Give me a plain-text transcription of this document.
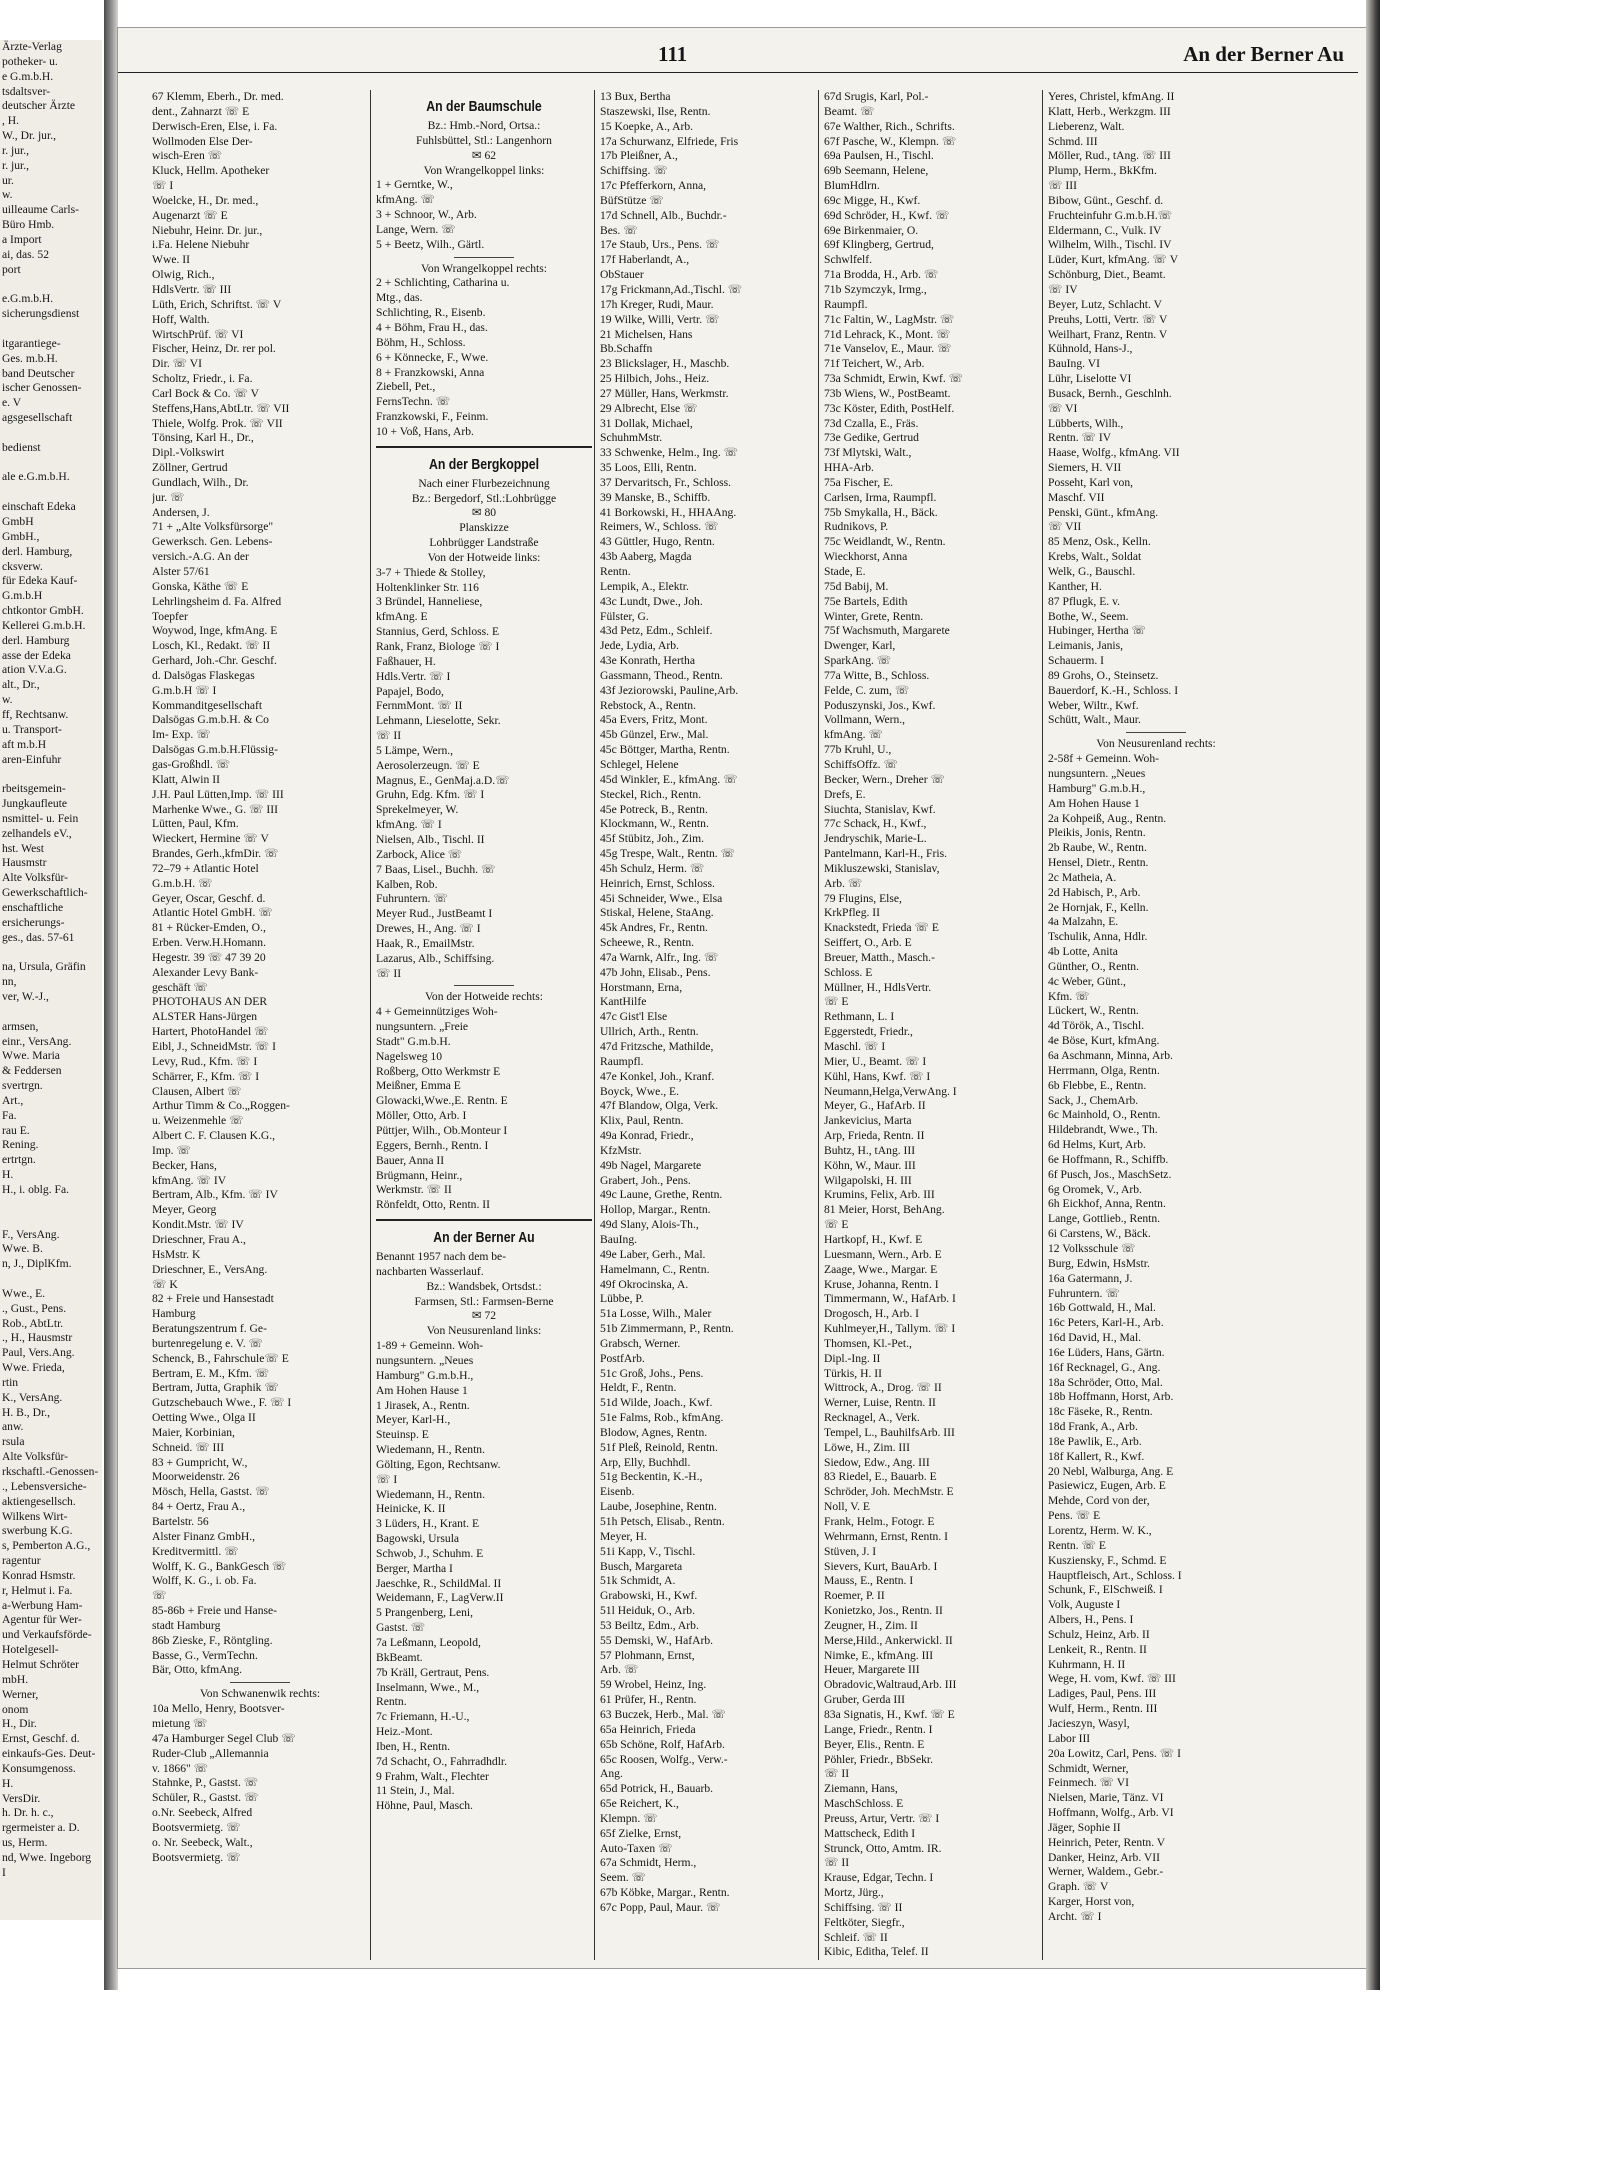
Ärzte-Verlag
potheker- u.
e G.m.b.H.
tsdaltsver-
deutscher Ärzte
, H.
W., Dr. jur.,
r. jur.,
r. jur.,
ur.
w.
uilleaume Carls-
Büro Hmb.
a Import
ai, das. 52
port

e.G.m.b.H.
sicherungsdienst

itgarantiege-
Ges. m.b.H.
band Deutscher
ischer Genossen-
e. V
agsgesellschaft

bedienst

ale e.G.m.b.H.

einschaft Edeka
GmbH
GmbH.,
derl. Hamburg,
cksverw.
für Edeka Kauf-
G.m.b.H
chtkontor GmbH.
Kellerei G.m.b.H.
derl. Hamburg
asse der Edeka
ation V.V.a.G.
alt., Dr.,
w.
ff, Rechtsanw.
u. Transport-
aft m.b.H
aren-Einfuhr

rbeitsgemein-
Jungkaufleute
nsmittel- u. Fein
zelhandels eV.,
hst. West
Hausmstr
Alte Volksfür-
Gewerkschaftlich-
enschaftliche
ersicherungs-
ges., das. 57-61

na, Ursula, Gräfin
nn,
ver, W.-J.,

armsen,
einr., VersAng.
Wwe. Maria
& Feddersen
svertrgn.
Art.,
Fa.
rau E.
Rening.
ertrtgn.
H.
H., i. oblg. Fa.

F., VersAng.
Wwe. B.
n, J., DiplKfm.

Wwe., E.
., Gust., Pens.
Rob., AbtLtr.
., H., Hausmstr
Paul, Vers.Ang.
Wwe. Frieda,
rtin
K., VersAng.
H. B., Dr.,
anw.
rsula
Alte Volksfür-
rkschaftl.-Genossen-
., Lebensversiche-
aktiengesellsch.
Wilkens Wirt-
swerbung K.G.
s, Pemberton A.G.,
ragentur
Konrad Hsmstr.
r, Helmut i. Fa.
a-Werbung Ham-
Agentur für Wer-
und Verkaufsförde-
Hotelgesell-
Helmut Schröter
mbH.
Werner,
onom
H., Dir.
Ernst, Geschf. d.
einkaufs-Ges. Deut-
Konsumgenoss.
H.
VersDir.
h. Dr. h. c.,
rgermeister a. D.
us, Herm.
nd, Wwe. Ingeborg
I
111	An der Berner Au

67 Klemm, Eberh., Dr. med.

dent., Zahnarzt ☏ E

Derwisch-Eren, Else, i. Fa.

Wollmoden Else Der-

wisch-Eren ☏

Kluck, Hellm. Apotheker

☏ I

Woelcke, H., Dr. med.,

Augenarzt ☏ E

Niebuhr, Heinr. Dr. jur.,

i.Fa. Helene Niebuhr

Wwe. II

Olwig, Rich.,

HdlsVertr. ☏ III

Lüth, Erich, Schriftst. ☏ V

Hoff, Walth.

WirtschPrüf. ☏ VI

Fischer, Heinz, Dr. rer pol.

Dir. ☏ VI

Scholtz, Friedr., i. Fa.

Carl Bock & Co. ☏ V

Steffens,Hans,AbtLtr. ☏ VII

Thiele, Wolfg. Prok. ☏ VII

Tönsing, Karl H., Dr.,

Dipl.-Volkswirt

Zöllner, Gertrud

Gundlach, Wilh., Dr.

jur. ☏

Andersen, J.

71 + „Alte Volksfürsorge"

Gewerksch. Gen. Lebens-

versich.-A.G. An der

Alster 57/61

Gonska, Käthe ☏ E

Lehrlingsheim d. Fa. Alfred

Toepfer

Woywod, Inge, kfmAng. E

Losch, Kl., Redakt. ☏ II

Gerhard, Joh.-Chr. Geschf.

d. Dalsögas Flaskegas

G.m.b.H ☏ I

Kommanditgesellschaft

Dalsögas G.m.b.H. & Co

Im- Exp. ☏

Dalsögas G.m.b.H.Flüssig-

gas-Großhdl. ☏

Klatt, Alwin II

J.H. Paul Lütten,Imp. ☏ III

Marhenke Wwe., G. ☏ III

Lütten, Paul, Kfm.

Wieckert, Hermine ☏ V

Brandes, Gerh.,kfmDir. ☏

72–79 + Atlantic Hotel

G.m.b.H. ☏

Geyer, Oscar, Geschf. d.

Atlantic Hotel GmbH. ☏

81 + Rücker-Emden, O.,

Erben. Verw.H.Homann.

Hegestr. 39 ☏ 47 39 20

Alexander Levy Bank-

geschäft ☏

PHOTOHAUS AN DER

ALSTER Hans-Jürgen

Hartert, PhotoHandel ☏

Eibl, J., SchneidMstr. ☏ I

Levy, Rud., Kfm. ☏ I

Schärrer, F., Kfm. ☏ I

Clausen, Albert ☏

Arthur Timm & Co.„Roggen-

u. Weizenmehle ☏

Albert C. F. Clausen K.G.,

Imp. ☏

Becker, Hans,

kfmAng. ☏ IV

Bertram, Alb., Kfm. ☏ IV

Meyer, Georg

Kondit.Mstr. ☏ IV

Drieschner, Frau A.,

HsMstr. K

Drieschner, E., VersAng.

☏ K

82 + Freie und Hansestadt

Hamburg

Beratungszentrum f. Ge-

burtenregelung e. V. ☏

Schenck, B., Fahrschule☏ E

Bertram, E. M., Kfm. ☏

Bertram, Jutta, Graphik ☏

Gutzschebauch Wwe., F. ☏ I

Oetting Wwe., Olga II

Maier, Korbinian,

Schneid. ☏ III

83 + Gumpricht, W.,

Moorweidenstr. 26

Mösch, Hella, Gastst. ☏

84 + Oertz, Frau A.,

Bartelstr. 56

Alster Finanz GmbH.,

Kreditvermittl. ☏

Wolff, K. G., BankGesch ☏

Wolff, K. G., i. ob. Fa.

☏

85-86b + Freie und Hanse-

stadt Hamburg

86b Zieske, F., Röntgling.

Basse, G., VermTechn.

Bär, Otto, kfmAng.

Von Schwanenwik rechts:

10a Mello, Henry, Bootsver-

mietung ☏

47a Hamburger Segel Club ☏

Ruder-Club „Allemannia

v. 1866" ☏

Stahnke, P., Gastst. ☏

Schüler, R., Gastst. ☏

o.Nr. Seebeck, Alfred

Bootsvermietg. ☏

o. Nr. Seebeck, Walt.,

Bootsvermietg. ☏

An der Baumschule

Bz.: Hmb.-Nord, Ortsa.:

Fuhlsbüttel, Stl.: Langenhorn

✉ 62

Von Wrangelkoppel links:

1 + Gerntke, W.,

kfmAng. ☏

3 + Schnoor, W., Arb.

Lange, Wern. ☏

5 + Beetz, Wilh., Gärtl.

Von Wrangelkoppel rechts:

2 + Schlichting, Catharina u.

Mtg., das.

Schlichting, R., Eisenb.

4 + Böhm, Frau H., das.

Böhm, H., Schloss.

6 + Könnecke, F., Wwe.

8 + Franzkowski, Anna

Ziebell, Pet.,

FernsTechn. ☏

Franzkowski, F., Feinm.

10 + Voß, Hans, Arb.

An der Bergkoppel

Nach einer Flurbezeichnung

Bz.: Bergedorf, Stl.:Lohbrügge

✉ 80

Planskizze

Lohbrügger Landstraße

Von der Hotweide links:

3-7 + Thiede & Stolley,

Holtenklinker Str. 116

3 Bründel, Hanneliese,

kfmAng. E

Stannius, Gerd, Schloss. E

Rank, Franz, Biologe ☏ I

Faßhauer, H.

Hdls.Vertr. ☏ I

Papajel, Bodo,

FernmMont. ☏ II

Lehmann, Lieselotte, Sekr.

☏ II

5 Lämpe, Wern.,

Aerosolerzeugn. ☏ E

Magnus, E., GenMaj.a.D.☏

Gruhn, Edg. Kfm. ☏ I

Sprekelmeyer, W.

kfmAng. ☏ I

Nielsen, Alb., Tischl. II

Zarbock, Alice ☏

7 Baas, Lisel., Buchh. ☏

Kalben, Rob.

Fuhruntern. ☏

Meyer Rud., JustBeamt I

Drewes, H., Ang. ☏ I

Haak, R., EmailMstr.

Lazarus, Alb., Schiffsing.

☏ II

Von der Hotweide rechts:

4 + Gemeinnütziges Woh-

nungsuntern. „Freie

Stadt" G.m.b.H.

Nagelsweg 10

Roßberg, Otto Werkmstr E

Meißner, Emma E

Glowacki,Wwe.,E. Rentn. E

Möller, Otto, Arb. I

Püttjer, Wilh., Ob.Monteur I

Eggers, Bernh., Rentn. I

Bauer, Anna II

Brügmann, Heinr.,

Werkmstr. ☏ II

Rönfeldt, Otto, Rentn. II

An der Berner Au

Benannt 1957 nach dem be-

nachbarten Wasserlauf.

Bz.: Wandsbek, Ortsdst.:

Farmsen, Stl.: Farmsen-Berne

✉ 72

Von Neusurenland links:

1-89 + Gemeinn. Woh-

nungsuntern. „Neues

Hamburg" G.m.b.H.,

Am Hohen Hause 1

1 Jirasek, A., Rentn.

Meyer, Karl-H.,

Steuinsp. E

Wiedemann, H., Rentn.

Gölting, Egon, Rechtsanw.

☏ I

Wiedemann, H., Rentn.

Heinicke, K. II

3 Lüders, H., Krant. E

Bagowski, Ursula

Schwob, J., Schuhm. E

Berger, Martha I

Jaeschke, R., SchildMal. II

Weidemann, F., LagVerw.II

5 Prangenberg, Leni,

Gastst. ☏

7a Leßmann, Leopold,

BkBeamt.

7b Kräll, Gertraut, Pens.

Inselmann, Wwe., M.,

Rentn.

7c Friemann, H.-U.,

Heiz.-Mont.

Iben, H., Rentn.

7d Schacht, O., Fahrradhdlr.

9 Frahm, Walt., Flechter

11 Stein, J., Mal.

Höhne, Paul, Masch.

13 Bux, Bertha

Staszewski, Ilse, Rentn.

15 Koepke, A., Arb.

17a Schurwanz, Elfriede, Fris

17b Pleißner, A.,

Schiffsing. ☏

17c Pfefferkorn, Anna,

BüfStütze ☏

17d Schnell, Alb., Buchdr.-

Bes. ☏

17e Staub, Urs., Pens. ☏

17f Haberlandt, A.,

ObStauer

17g Frickmann,Ad.,Tischl. ☏

17h Kreger, Rudi, Maur.

19 Wilke, Willi, Vertr. ☏

21 Michelsen, Hans

Bb.Schaffn

23 Blickslager, H., Maschb.

25 Hilbich, Johs., Heiz.

27 Müller, Hans, Werkmstr.

29 Albrecht, Else ☏

31 Dollak, Michael,

SchuhmMstr.

33 Schwenke, Helm., Ing. ☏

35 Loos, Elli, Rentn.

37 Dervaritsch, Fr., Schloss.

39 Manske, B., Schiffb.

41 Borkowski, H., HHAAng.

Reimers, W., Schloss. ☏

43 Güttler, Hugo, Rentn.

43b Aaberg, Magda

Rentn.

Lempik, A., Elektr.

43c Lundt, Dwe., Joh.

Fülster, G.

43d Petz, Edm., Schleif.

Jede, Lydia, Arb.

43e Konrath, Hertha

Gassmann, Theod., Rentn.

43f Jeziorowski, Pauline,Arb.

Rebstock, A., Rentn.

45a Evers, Fritz, Mont.

45b Günzel, Erw., Mal.

45c Böttger, Martha, Rentn.

Schlegel, Helene

45d Winkler, E., kfmAng. ☏

Steckel, Rich., Rentn.

45e Potreck, B., Rentn.

Klockmann, W., Rentn.

45f Stübitz, Joh., Zim.

45g Trespe, Walt., Rentn. ☏

45h Schulz, Herm. ☏

Heinrich, Ernst, Schloss.

45i Schneider, Wwe., Elsa

Stiskal, Helene, StaAng.

45k Andres, Fr., Rentn.

Scheewe, R., Rentn.

47a Warnk, Alfr., Ing. ☏

47b John, Elisab., Pens.

Horstmann, Erna,

KantHilfe

47c Gist'l Else

Ullrich, Arth., Rentn.

47d Fritzsche, Mathilde,

Raumpfl.

47e Konkel, Joh., Kranf.

Boyck, Wwe., E.

47f Blandow, Olga, Verk.

Klix, Paul, Rentn.

49a Konrad, Friedr.,

KfzMstr.

49b Nagel, Margarete

Grabert, Joh., Pens.

49c Laune, Grethe, Rentn.

Hollop, Margar., Rentn.

49d Slany, Alois-Th.,

BauIng.

49e Laber, Gerh., Mal.

Hamelmann, C., Rentn.

49f Okrocinska, A.

Lübbe, P.

51a Losse, Wilh., Maler

51b Zimmermann, P., Rentn.

Grabsch, Werner.

PostfArb.

51c Groß, Johs., Pens.

Heldt, F., Rentn.

51d Wilde, Joach., Kwf.

51e Falms, Rob., kfmAng.

Blodow, Agnes, Rentn.

51f Pleß, Reinold, Rentn.

Arp, Elly, Buchhdl.

51g Beckentin, K.-H.,

Eisenb.

Laube, Josephine, Rentn.

51h Petsch, Elisab., Rentn.

Meyer, H.

51i Kapp, V., Tischl.

Busch, Margareta

51k Schmidt, A.

Grabowski, H., Kwf.

51l Heiduk, O., Arb.

53 Beiltz, Edm., Arb.

55 Demski, W., HafArb.

57 Plohmann, Ernst,

Arb. ☏

59 Wrobel, Heinz, Ing.

61 Prüfer, H., Rentn.

63 Buczek, Herb., Mal. ☏

65a Heinrich, Frieda

65b Schöne, Rolf, HafArb.

65c Roosen, Wolfg., Verw.-

Ang.

65d Potrick, H., Bauarb.

65e Reichert, K.,

Klempn. ☏

65f Zielke, Ernst,

Auto-Taxen ☏

67a Schmidt, Herm.,

Seem. ☏

67b Köbke, Margar., Rentn.

67c Popp, Paul, Maur. ☏

67d Srugis, Karl, Pol.-

Beamt. ☏

67e Walther, Rich., Schrifts.

67f Pasche, W., Klempn. ☏

69a Paulsen, H., Tischl.

69b Seemann, Helene,

BlumHdlrn.

69c Migge, H., Kwf.

69d Schröder, H., Kwf. ☏

69e Birkenmaier, O.

69f Klingberg, Gertrud,

Schwlfelf.

71a Brodda, H., Arb. ☏

71b Szymczyk, Irmg.,

Raumpfl.

71c Faltin, W., LagMstr. ☏

71d Lehrack, K., Mont. ☏

71e Vanselov, E., Maur. ☏

71f Teichert, W., Arb.

73a Schmidt, Erwin, Kwf. ☏

73b Wiens, W., PostBeamt.

73c Köster, Edith, PostHelf.

73d Czalla, E., Fräs.

73e Gedike, Gertrud

73f Mlytski, Walt.,

HHA-Arb.

75a Fischer, E.

Carlsen, Irma, Raumpfl.

75b Smykalla, H., Bäck.

Rudnikovs, P.

75c Weidlandt, W., Rentn.

Wieckhorst, Anna

Stade, E.

75d Babij, M.

75e Bartels, Edith

Winter, Grete, Rentn.

75f Wachsmuth, Margarete

Dwenger, Karl,

SparkAng. ☏

77a Witte, B., Schloss.

Felde, C. zum, ☏

Poduszynski, Jos., Kwf.

Vollmann, Wern.,

kfmAng. ☏

77b Kruhl, U.,

SchiffsOffz. ☏

Becker, Wern., Dreher ☏

Drefs, E.

Siuchta, Stanislav, Kwf.

77c Schack, H., Kwf.,

Jendryschik, Marie-L.

Pantelmann, Karl-H., Fris.

Mikluszewski, Stanislav,

Arb. ☏

79 Flugins, Else,

KrkPfleg. II

Knackstedt, Frieda ☏ E

Seiffert, O., Arb. E

Breuer, Matth., Masch.-

Schloss. E

Müllner, H., HdlsVertr.

☏ E

Rethmann, L. I

Eggerstedt, Friedr.,

Maschl. ☏ I

Mier, U., Beamt. ☏ I

Kühl, Hans, Kwf. ☏ I

Neumann,Helga,VerwAng. I

Meyer, G., HafArb. II

Jankevicius, Marta

Arp, Frieda, Rentn. II

Buhtz, H., tAng. III

Köhn, W., Maur. III

Wilgapolski, H. III

Krumins, Felix, Arb. III

81 Meier, Horst, BehAng.

☏ E

Hartkopf, H., Kwf. E

Luesmann, Wern., Arb. E

Zaage, Wwe., Margar. E

Kruse, Johanna, Rentn. I

Timmermann, W., HafArb. I

Drogosch, H., Arb. I

Kuhlmeyer,H., Tallym. ☏ I

Thomsen, Kl.-Pet.,

Dipl.-Ing. II

Türkis, H. II

Wittrock, A., Drog. ☏ II

Werner, Luise, Rentn. II

Recknagel, A., Verk.

Tempel, L., BauhilfsArb. III

Löwe, H., Zim. III

Siedow, Edw., Ang. III

83 Riedel, E., Bauarb. E

Schröder, Joh. MechMstr. E

Noll, V. E

Frank, Helm., Fotogr. E

Wehrmann, Ernst, Rentn. I

Stüven, J. I

Sievers, Kurt, BauArb. I

Mauss, E., Rentn. I

Roemer, P. II

Konietzko, Jos., Rentn. II

Zeugner, H., Zim. II

Merse,Hild., Ankerwickl. II

Nimke, E., kfmAng. III

Heuer, Margarete III

Obradovic,Waltraud,Arb. III

Gruber, Gerda III

83a Signatis, H., Kwf. ☏ E

Lange, Friedr., Rentn. I

Beyer, Elis., Rentn. E

Pöhler, Friedr., BbSekr.

☏ II

Ziemann, Hans,

MaschSchloss. E

Preuss, Artur, Vertr. ☏ I

Mattscheck, Edith I

Strunck, Otto, Amtm. IR.

☏ II

Krause, Edgar, Techn. I

Mortz, Jürg.,

Schiffsing. ☏ II

Feltköter, Siegfr.,

Schleif. ☏ II

Kibic, Editha, Telef. II

Yeres, Christel, kfmAng. II

Klatt, Herb., Werkzgm. III

Lieberenz, Walt.

Schmd. III

Möller, Rud., tAng. ☏ III

Plump, Herm., BkKfm.

☏ III

Bibow, Günt., Geschf. d.

Fruchteinfuhr G.m.b.H.☏

Eldermann, C., Vulk. IV

Wilhelm, Wilh., Tischl. IV

Lüder, Kurt, kfmAng. ☏ V

Schönburg, Diet., Beamt.

☏ IV

Beyer, Lutz, Schlacht. V

Preuhs, Lotti, Vertr. ☏ V

Weilhart, Franz, Rentn. V

Kühnold, Hans-J.,

BauIng. VI

Lühr, Liselotte VI

Busack, Bernh., Geschlnh.

☏ VI

Lübberts, Wilh.,

Rentn. ☏ IV

Haase, Wolfg., kfmAng. VII

Siemers, H. VII

Posseht, Karl von,

Maschf. VII

Penski, Günt., kfmAng.

☏ VII

85 Menz, Osk., Kelln.

Krebs, Walt., Soldat

Welk, G., Bauschl.

Kanther, H.

87 Pflugk, E. v.

Bothe, W., Seem.

Hubinger, Hertha ☏

Leimanis, Janis,

Schauerm. I

89 Grohs, O., Steinsetz.

Bauerdorf, K.-H., Schloss. I

Weber, Wiltr., Kwf.

Schütt, Walt., Maur.

Von Neusurenland rechts:

2-58f + Gemeinn. Woh-

nungsuntern. „Neues

Hamburg" G.m.b.H.,

Am Hohen Hause 1

2a Kohpeiß, Aug., Rentn.

Pleikis, Jonis, Rentn.

2b Raube, W., Rentn.

Hensel, Dietr., Rentn.

2c Matheia, A.

2d Habisch, P., Arb.

2e Hornjak, F., Kelln.

4a Malzahn, E.

Tschulik, Anna, Hdlr.

4b Lotte, Anita

Günther, O., Rentn.

4c Weber, Günt.,

Kfm. ☏

Lückert, W., Rentn.

4d Török, A., Tischl.

4e Böse, Kurt, kfmAng.

6a Aschmann, Minna, Arb.

Herrmann, Olga, Rentn.

6b Flebbe, E., Rentn.

Sack, J., ChemArb.

6c Mainhold, O., Rentn.

Hildebrandt, Wwe., Th.

6d Helms, Kurt, Arb.

6e Hoffmann, R., Schiffb.

6f Pusch, Jos., MaschSetz.

6g Oromek, V., Arb.

6h Eickhof, Anna, Rentn.

Lange, Gottlieb., Rentn.

6i Carstens, W., Bäck.

12 Volksschule ☏

Burg, Edwin, HsMstr.

16a Gatermann, J.

Fuhruntern. ☏

16b Gottwald, H., Mal.

16c Peters, Karl-H., Arb.

16d David, H., Mal.

16e Lüders, Hans, Gärtn.

16f Recknagel, G., Ang.

18a Schröder, Otto, Mal.

18b Hoffmann, Horst, Arb.

18c Fäseke, R., Rentn.

18d Frank, A., Arb.

18e Pawlik, E., Arb.

18f Kallert, R., Kwf.

20 Nebl, Walburga, Ang. E

Pasiewicz, Eugen, Arb. E

Mehde, Cord von der,

Pens. ☏ E

Lorentz, Herm. W. K.,

Rentn. ☏ E

Kusziensky, F., Schmd. E

Hauptfleisch, Art., Schloss. I

Schunk, F., ElSchweiß. I

Volk, Auguste I

Albers, H., Pens. I

Schulz, Heinz, Arb. II

Lenkeit, R., Rentn. II

Kuhrmann, H. II

Wege, H. vom, Kwf. ☏ III

Ladiges, Paul, Pens. III

Wulf, Herm., Rentn. III

Jacieszyn, Wasyl,

Labor III

20a Lowitz, Carl, Pens. ☏ I

Schmidt, Werner,

Feinmech. ☏ VI

Nielsen, Marie, Tänz. VI

Hoffmann, Wolfg., Arb. VI

Jäger, Sophie II

Heinrich, Peter, Rentn. V

Danker, Heinz, Arb. VII

Werner, Waldem., Gebr.-

Graph. ☏ V

Karger, Horst von,

Archt. ☏ I
